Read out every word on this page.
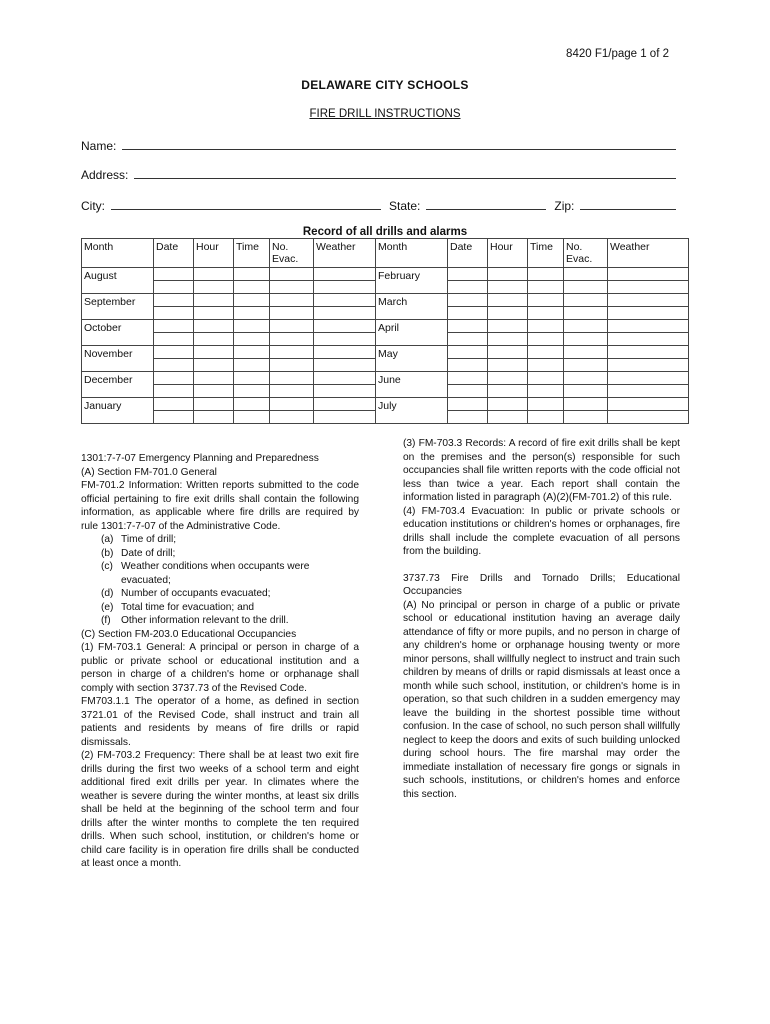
8420 F1/page 1 of 2
DELAWARE CITY SCHOOLS
FIRE DRILL INSTRUCTIONS
Name:
Address:
City:	State:	Zip:
Record of all drills and alarms
Month	Date	Hour	Time	No. Evac.	Weather	Month	Date	Hour	Time	No. Evac.	Weather
August						February					

September						March					

October						April					

November						May					

December						June					

January						July					

1301:7-7-07 Emergency Planning and Preparedness

(A) Section FM-701.0 General

FM-701.2 Information: Written reports submitted to the code official pertaining to fire exit drills shall contain the following information, as applicable where fire drills are required by rule 1301:7-7-07 of the Administrative Code.

(a) Time of drill;
(b) Date of drill;
(c) Weather conditions when occupants were evacuated;
(d) Number of occupants evacuated;
(e) Total time for evacuation; and
(f)	Other information relevant to the drill.

(C) Section FM-203.0 Educational Occupancies

(1) FM-703.1 General: A principal or person in charge of a public or private school or educational institution and a person in charge of a children's home or orphanage shall comply with section 3737.73 of the Revised Code.

FM703.1.1 The operator of a home, as defined in section 3721.01 of the Revised Code, shall instruct and train all patients and residents by means of fire drills or rapid dismissals.

(2) FM-703.2 Frequency: There shall be at least two exit fire drills during the first two weeks of a school term and eight additional fired exit drills per year. In climates where the weather is severe during the winter months, at least six drills shall be held at the beginning of the school term and four drills after the winter months to complete the ten required drills. When such school, institution, or children's home or child care facility is in operation fire drills shall be conducted at least once a month.

(3) FM-703.3 Records: A record of fire exit drills shall be kept on the premises and the person(s) responsible for such occupancies shall file written reports with the code official not less than twice a year. Each report shall contain the information listed in paragraph (A)(2)(FM-701.2) of this rule.

(4) FM-703.4 Evacuation: In public or private schools or education institutions or children's homes or orphanages, fire drills shall include the complete evacuation of all persons from the building.

3737.73 Fire Drills and Tornado Drills; Educational Occupancies

(A) No principal or person in charge of a public or private school or educational institution having an average daily attendance of fifty or more pupils, and no person in charge of any children's home or orphanage housing twenty or more minor persons, shall willfully neglect to instruct and train such children by means of drills or rapid dismissals at least once a month while such school, institution, or children's home is in operation, so that such children in a sudden emergency may leave the building in the shortest possible time without confusion. In the case of school, no such person shall willfully neglect to keep the doors and exits of such building unlocked during school hours. The fire marshal may order the immediate installation of necessary fire gongs or signals in such schools, institutions, or children's homes and enforce this section.
